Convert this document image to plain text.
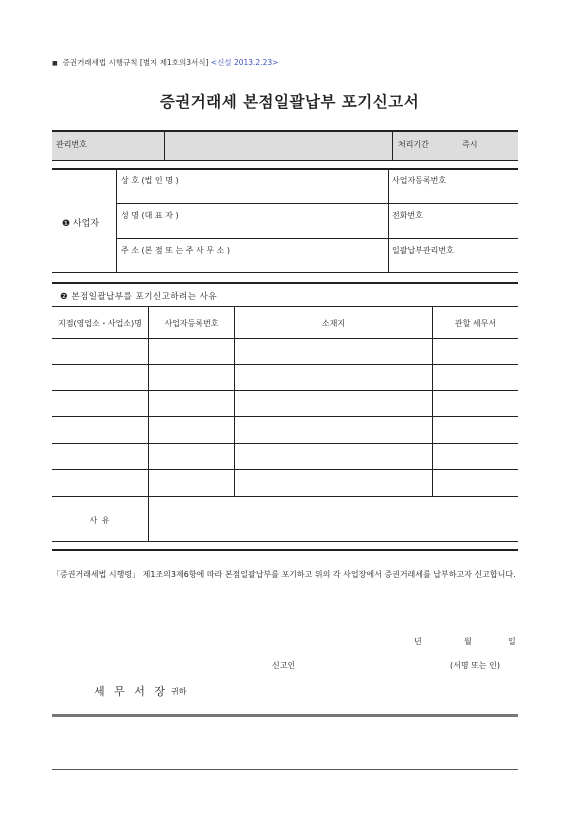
■ 증권거래세법 시행규칙 [별지 제1호의3서식] <신설 2013.2.23>
증권거래세 본점일괄납부 포기신고서
관리번호	처리기간	즉시
❶ 사업자
상 호 (법 인 명 )	사업자등록번호
성 명 (대 표 자 )	전화번호
주 소 (본 점 또 는 주 사 무 소 )	일괄납부관리번호
❷ 본점일괄납부를 포기신고하려는 사유
지점(영업소・사업소)명	사업자등록번호	소재지	관할 세무서
사 유
「증권거래세법 시행령」 제1조의3제6항에 따라 본점일괄납부를 포기하고 위의 각 사업장에서 증권거래세를 납부하고자 신고합니다.
년	월	일
신고인	(서명 또는 인)
세 무 서 장 귀하
